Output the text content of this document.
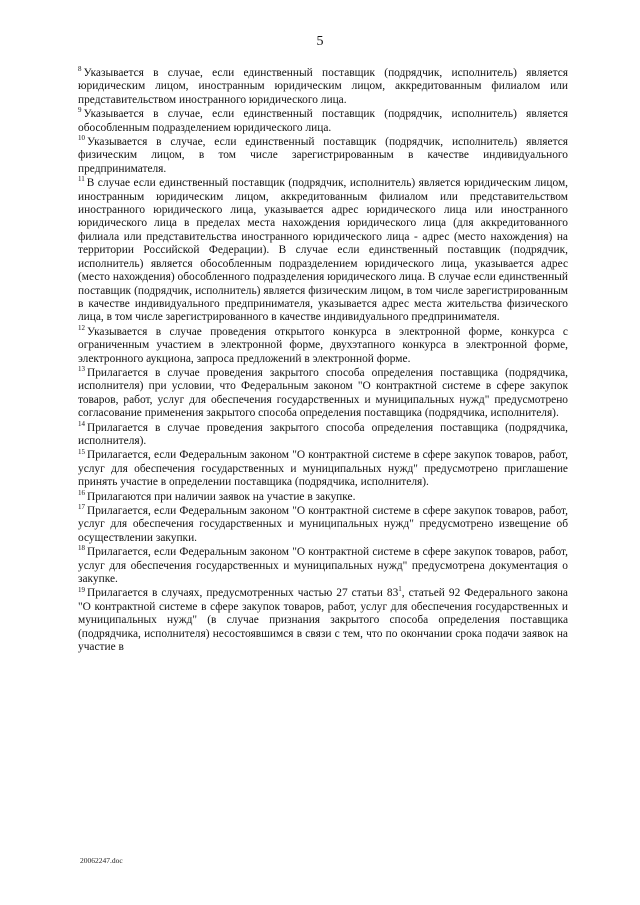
5

$^8$ Указывается в случае, если единственный поставщик (подрядчик, исполнитель) является юридическим лицом, иностранным юридическим лицом, аккредитованным филиалом или представительством иностранного юридического лица.

$^9$ Указывается в случае, если единственный поставщик (подрядчик, исполнитель) является обособленным подразделением юридического лица.

$^{10}$ Указывается в случае, если единственный поставщик (подрядчик, исполнитель) является физическим лицом, в том числе зарегистрированным в качестве индивидуального предпринимателя.

$^{11}$ В случае если единственный поставщик (подрядчик, исполнитель) является юридическим лицом, иностранным юридическим лицом, аккредитованным филиалом или представительством иностранного юридического лица, указывается адрес юридического лица или иностранного юридического лица в пределах места нахождения юридического лица (для аккредитованного филиала или представительства иностранного юридического лица - адрес (место нахождения) на территории Российской Федерации). В случае если единственный поставщик (подрядчик, исполнитель) является обособленным подразделением юридического лица, указывается адрес (место нахождения) обособленного подразделения юридического лица. В случае если единственный поставщик (подрядчик, исполнитель) является физическим лицом, в том числе зарегистрированным в качестве индивидуального предпринимателя, указывается адрес места жительства физического лица, в том числе зарегистрированного в качестве индивидуального предпринимателя.

$^{12}$ Указывается в случае проведения открытого конкурса в электронной форме, конкурса с ограниченным участием в электронной форме, двухэтапного конкурса в электронной форме, электронного аукциона, запроса предложений в электронной форме.

$^{13}$ Прилагается в случае проведения закрытого способа определения поставщика (подрядчика, исполнителя) при условии, что Федеральным законом "О контрактной системе в сфере закупок товаров, работ, услуг для обеспечения государственных и муниципальных нужд" предусмотрено согласование применения закрытого способа определения поставщика (подрядчика, исполнителя).

$^{14}$ Прилагается в случае проведения закрытого способа определения поставщика (подрядчика, исполнителя).

$^{15}$ Прилагается, если Федеральным законом "О контрактной системе в сфере закупок товаров, работ, услуг для обеспечения государственных и муниципальных нужд" предусмотрено приглашение принять участие в определении поставщика (подрядчика, исполнителя).

$^{16}$ Прилагаются при наличии заявок на участие в закупке.

$^{17}$ Прилагается, если Федеральным законом "О контрактной системе в сфере закупок товаров, работ, услуг для обеспечения государственных и муниципальных нужд" предусмотрено извещение об осуществлении закупки.

$^{18}$ Прилагается, если Федеральным законом "О контрактной системе в сфере закупок товаров, работ, услуг для обеспечения государственных и муниципальных нужд" предусмотрена документация о закупке.

$^{19}$ Прилагается в случаях, предусмотренных частью 27 статьи $83^1$, статьей 92 Федерального закона "О контрактной системе в сфере закупок товаров, работ, услуг для обеспечения государственных и муниципальных нужд" (в случае признания закрытого способа определения поставщика (подрядчика, исполнителя) несостоявшимся в связи с тем, что по окончании срока подачи заявок на участие в

20062247.doc
